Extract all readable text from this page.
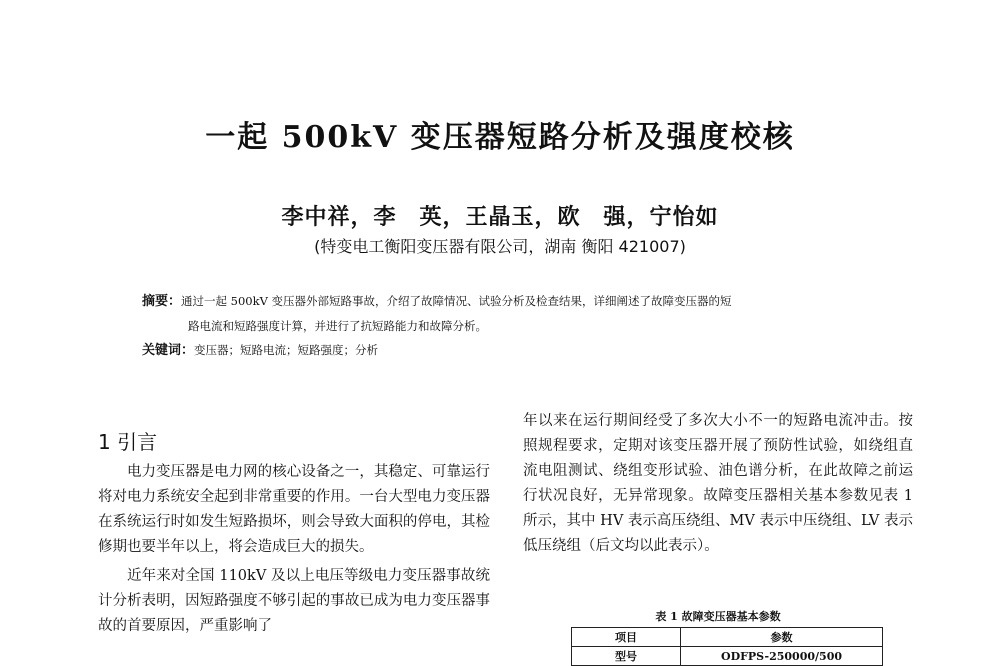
一起 500kV 变压器短路分析及强度校核
李中祥，李　英，王晶玉，欧　强，宁怡如
(特变电工衡阳变压器有限公司，湖南 衡阳 421007)
摘要：通过一起 500kV 变压器外部短路事故，介绍了故障情况、试验分析及检查结果，详细阐述了故障变压器的短
路电流和短路强度计算，并进行了抗短路能力和故障分析。
关键词：变压器；短路电流；短路强度；分析
1 引言

电力变压器是电力网的核心设备之一，其稳定、可靠运行将对电力系统安全起到非常重要的作用。一台大型电力变压器在系统运行时如发生短路损坏，则会导致大面积的停电，其检修期也要半年以上，将会造成巨大的损失。

近年来对全国 110kV 及以上电压等级电力变压器事故统计分析表明，因短路强度不够引起的事故已成为电力变压器事故的首要原因，严重影响了

年以来在运行期间经受了多次大小不一的短路电流冲击。按照规程要求，定期对该变压器开展了预防性试验，如绕组直流电阻测试、绕组变形试验、油色谱分析，在此故障之前运行状况良好，无异常现象。故障变压器相关基本参数见表 1 所示，其中 HV 表示高压绕组、MV 表示中压绕组、LV 表示低压绕组（后文均以此表示）。

表 1 故障变压器基本参数
项目	参数
型号	ODFPS-250000/500
